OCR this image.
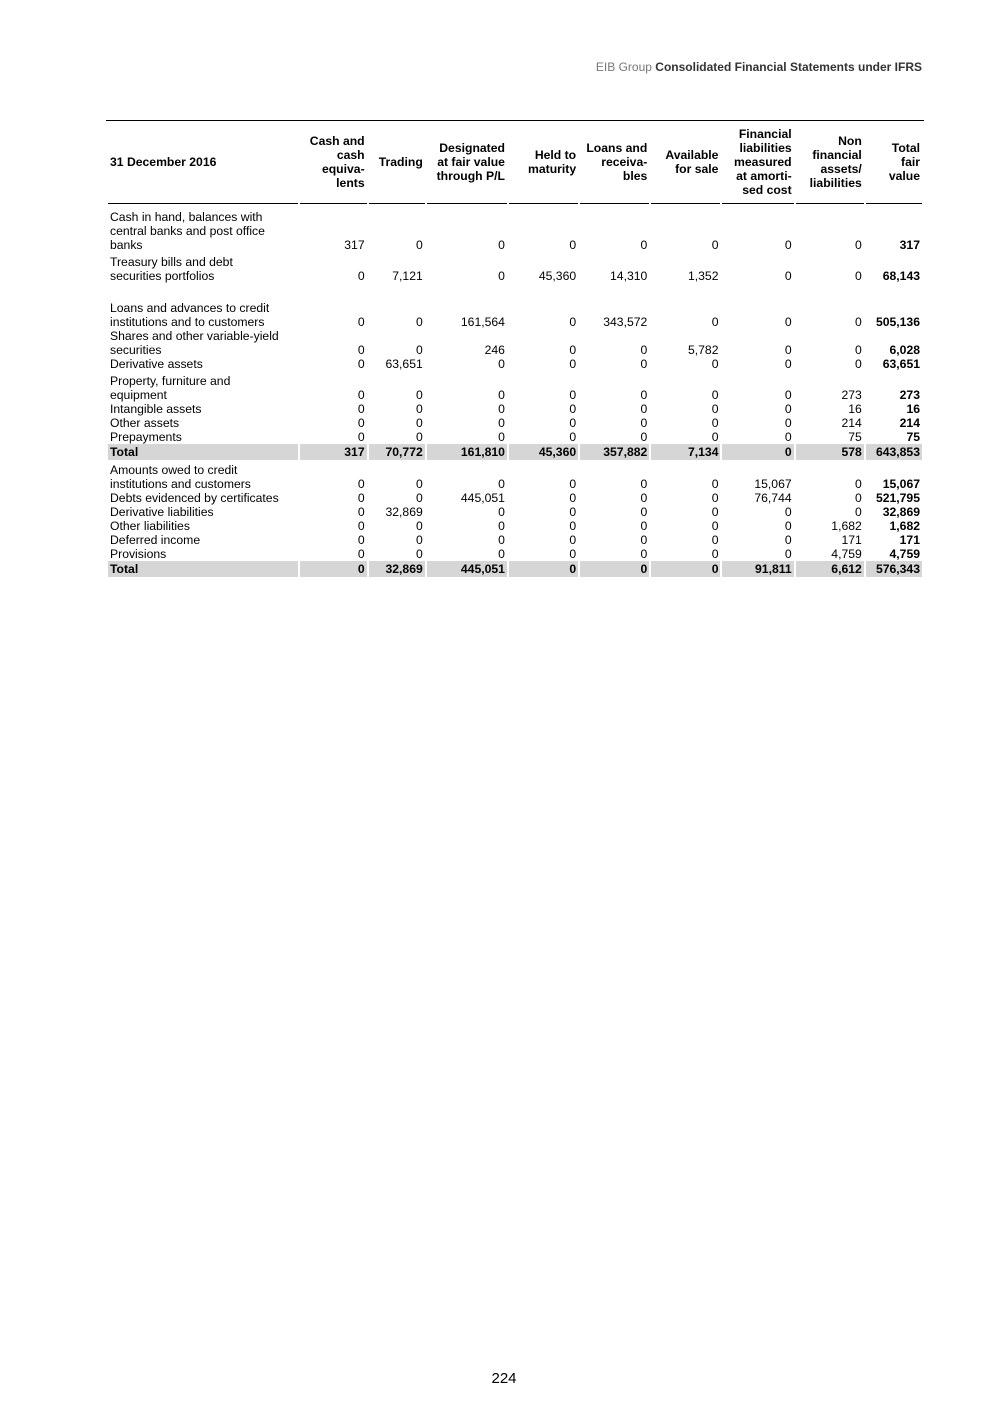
EIB Group Consolidated Financial Statements under IFRS
31 December 2016	Cash and
cash
equiva-
lents	Trading	Designated
at fair value
through P/L	Held to
maturity	Loans and
receiva-
bles	Available
for sale	Financial
liabilities
measured
at amorti-
sed cost	Non
financial
assets/
liabilities	Total
fair
value
Cash in hand, balances with
central banks and post office
banks	317	0	0	0	0	0	0	0	317
Treasury bills and debt
securities portfolios	0	7,121	0	45,360	14,310	1,352	0	0	68,143

Loans and advances to credit
institutions and to customers	0	0	161,564	0	343,572	0	0	0	505,136
Shares and other variable-yield
securities	0	0	246	0	0	5,782	0	0	6,028
Derivative assets	0	63,651	0	0	0	0	0	0	63,651
Property, furniture and
equipment	0	0	0	0	0	0	0	273	273
Intangible assets	0	0	0	0	0	0	0	16	16
Other assets	0	0	0	0	0	0	0	214	214
Prepayments	0	0	0	0	0	0	0	75	75
Total	317	70,772	161,810	45,360	357,882	7,134	0	578	643,853
Amounts owed to credit
institutions and customers	0	0	0	0	0	0	15,067	0	15,067
Debts evidenced by certificates	0	0	445,051	0	0	0	76,744	0	521,795
Derivative liabilities	0	32,869	0	0	0	0	0	0	32,869
Other liabilities	0	0	0	0	0	0	0	1,682	1,682
Deferred income	0	0	0	0	0	0	0	171	171
Provisions	0	0	0	0	0	0	0	4,759	4,759
Total	0	32,869	445,051	0	0	0	91,811	6,612	576,343
224
